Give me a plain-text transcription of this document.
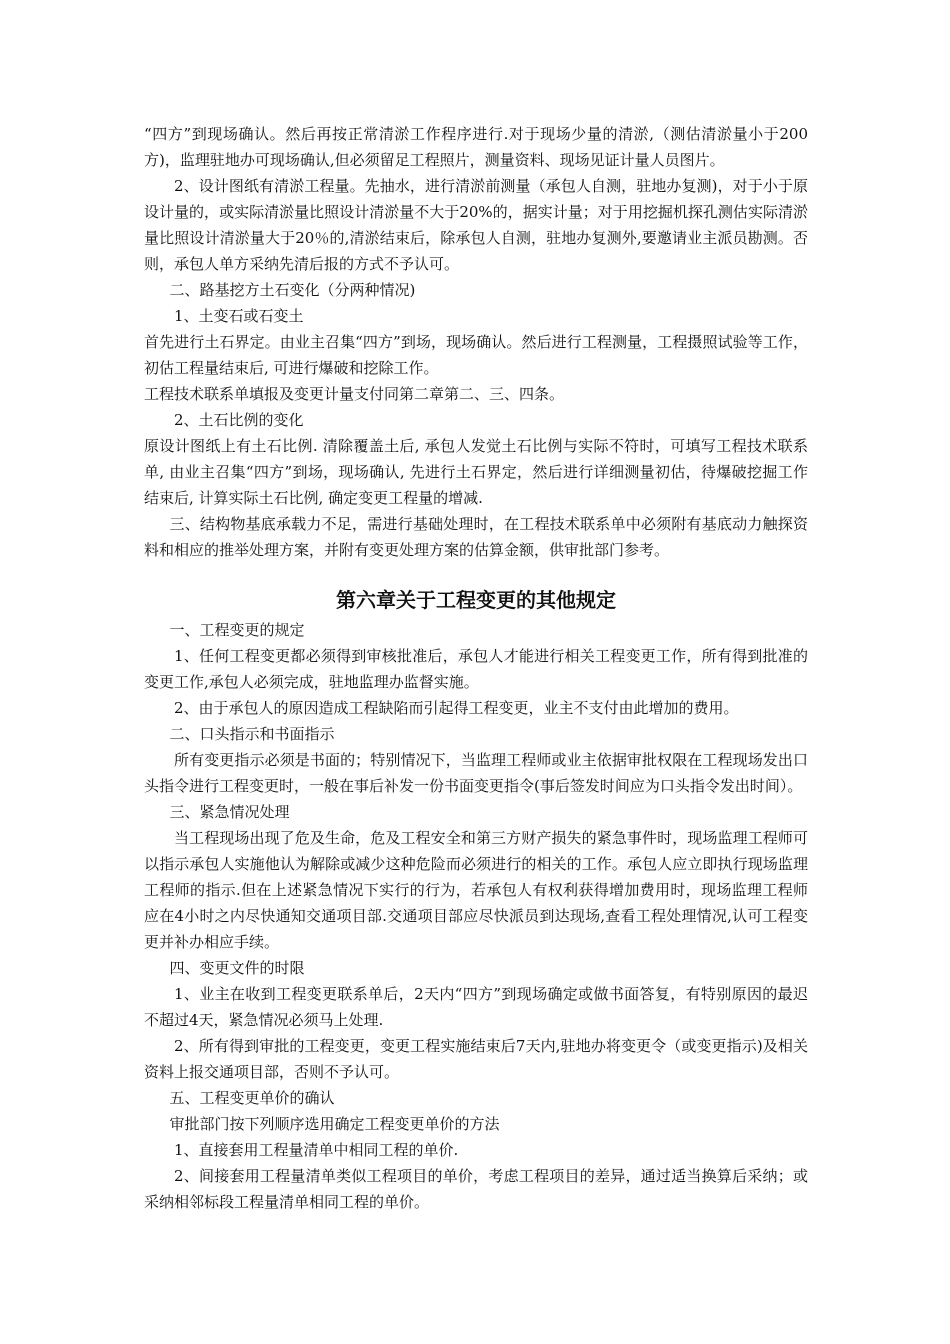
“四方”到现场确认。然后再按正常清淤工作程序进行.对于现场少量的清淤,（测估清淤量小于200方)，监理驻地办可现场确认,但必须留足工程照片，测量资料、现场见证计量人员图片。

2、设计图纸有清淤工程量。先抽水，进行清淤前测量（承包人自测，驻地办复测)，对于小于原设计量的，或实际清淤量比照设计清淤量不大于20%的，据实计量；对于用挖掘机探孔测估实际清淤量比照设计清淤量大于20％的,清淤结束后，除承包人自测，驻地办复测外,要邀请业主派员勘测。否则，承包人单方采纳先清后报的方式不予认可。

二、路基挖方土石变化（分两种情况)

1、土变石或石变土

首先进行土石界定。由业主召集“四方”到场，现场确认。然后进行工程测量，工程摄照试验等工作，初估工程量结束后, 可进行爆破和挖除工作。

工程技术联系单填报及变更计量支付同第二章第二、三、四条。

2、土石比例的变化

原设计图纸上有土石比例. 清除覆盖土后, 承包人发觉土石比例与实际不符时，可填写工程技术联系单, 由业主召集“四方”到场，现场确认, 先进行土石界定，然后进行详细测量初估，待爆破挖掘工作结束后, 计算实际土石比例, 确定变更工程量的增减.

三、结构物基底承载力不足，需进行基础处理时，在工程技术联系单中必须附有基底动力触探资料和相应的推举处理方案，并附有变更处理方案的估算金额，供审批部门参考。

第六章关于工程变更的其他规定

一、工程变更的规定

1、任何工程变更都必须得到审核批准后，承包人才能进行相关工程变更工作，所有得到批准的变更工作,承包人必须完成，驻地监理办监督实施。

2、由于承包人的原因造成工程缺陷而引起得工程变更，业主不支付由此增加的费用。

二、口头指示和书面指示

所有变更指示必须是书面的；特别情况下，当监理工程师或业主依据审批权限在工程现场发出口头指令进行工程变更时，一般在事后补发一份书面变更指令(事后签发时间应为口头指令发出时间）。

三、紧急情况处理

当工程现场出现了危及生命，危及工程安全和第三方财产损失的紧急事件时，现场监理工程师可以指示承包人实施他认为解除或减少这种危险而必须进行的相关的工作。承包人应立即执行现场监理工程师的指示.但在上述紧急情况下实行的行为，若承包人有权利获得增加费用时，现场监理工程师应在4小时之内尽快通知交通项目部.交通项目部应尽快派员到达现场,查看工程处理情况,认可工程变更并补办相应手续。

四、变更文件的时限

1、业主在收到工程变更联系单后，2天内“四方”到现场确定或做书面答复，有特别原因的最迟不超过4天，紧急情况必须马上处理.

2、所有得到审批的工程变更，变更工程实施结束后7天内,驻地办将变更令（或变更指示)及相关资料上报交通项目部，否则不予认可。

五、工程变更单价的确认

审批部门按下列顺序选用确定工程变更单价的方法

1、直接套用工程量清单中相同工程的单价.

2、间接套用工程量清单类似工程项目的单价，考虑工程项目的差异，通过适当换算后采纳；或采纳相邻标段工程量清单相同工程的单价。
